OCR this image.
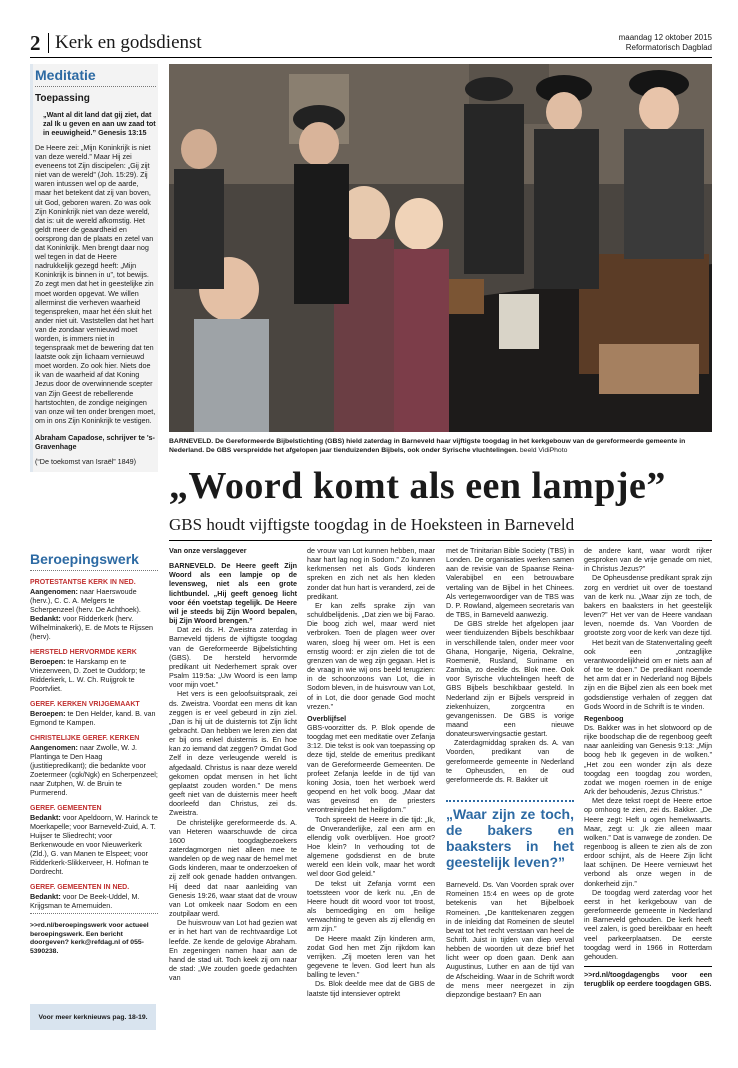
2 Kerk en godsdienst	maandag 12 oktober 2015
Reformatorisch Dagblad
Meditatie
Toepassing
„Want al dit land dat gij ziet, dat zal Ik u geven en aan uw zaad tot in eeuwigheid.” Genesis 13:15

De Heere zei: „Mijn Koninkrijk is niet van deze wereld.” Maar Hij zei eveneens tot Zijn discipelen: „Gij zijt niet van de wereld” (Joh. 15:29). Zij waren intussen wel op de aarde, maar het betekent dat zij van boven, uit God, geboren waren. Zo was ook Zijn Koninkrijk niet van deze wereld, dat is: uit de wereld afkomstig. Het geldt meer de geaardheid en oorsprong dan de plaats en zetel van dat Koninkrijk. Men brengt daar nog wel tegen in dat de Heere nadrukkelijk gezegd heeft: „Mijn Koninkrijk is binnen in u”, tot bewijs. Zo zegt men dat het in geestelijke zin moet worden opgevat. We willen allerminst die verheven waarheid tegenspreken, maar het één sluit het ander niet uit. Vaststellen dat het hart van de zondaar vernieuwd moet worden, is immers niet in tegenspraak met de bewering dat ten laatste ook zijn lichaam vernieuwd moet worden. Zo ook hier. Niets doe ik van de waarheid af dat Koning Jezus door de overwinnende scepter van Zijn Geest de rebellerende hartstochten, de zondige neigingen van onze wil ten onder brengen moet, om in ons Zijn Koninkrijk te vestigen.

Abraham Capadose, schrijver te 's-Gravenhage
(“De toekomst van Israël” 1849)
Beroepingswerk
PROTESTANTSE KERK IN NED.
Aangenomen: naar Haerswoude (herv.), C. C. A. Melgers te Scherpenzeel (herv. De Achthoek).
Bedankt: voor Ridderkerk (herv. Wilhelminakerk), E. de Mots te Rijssen (herv).
HERSTELD HERVORMDE KERK
Beroepen: te Harskamp en te Vriezenveen, D. Zoet te Ouddorp; te Ridderkerk, L. W. Ch. Ruijgrok te Poortvliet.
GEREF. KERKEN VRIJGEMAAKT
Beroepen: te Den Helder, kand. B. van Egmond te Kampen.
CHRISTELIJKE GEREF. KERKEN
Aangenomen: naar Zwolle, W. J. Plantinga te Den Haag (justitiepredikant); die bedankte voor Zoetermeer (cgk/Ngk) en Scherpenzeel; naar Zutphen, W. de Bruin te Purmerend.
GEREF. GEMEENTEN
Bedankt: voor Apeldoorn, W. Harinck te Moerkapelle; voor Barneveld-Zuid, A. T. Huijser te Sliedrecht; voor Berkenwoude en voor Nieuwerkerk (Zld.), G. van Manen te Elspeet; voor Ridderkerk-Slikkerveer, H. Hofman te Dordrecht.
GEREF. GEMEENTEN IN NED.
Bedankt: voor De Beek-Uddel, M. Krijgsman te Arnemuiden.
>>rd.nl/beroepingswerk voor actueel beroepingswerk. Een bericht doorgeven? kerk@refdag.nl of 055-5390238.
Voor meer kerknieuws pag. 18-19.
BARNEVELD. De Gereformeerde Bijbelstichting (GBS) hield zaterdag in Barneveld haar vijftigste toogdag in het kerkgebouw van de gereformeerde gemeente in Nederland. De GBS verspreidde het afgelopen jaar tienduizenden Bijbels, ook onder Syrische vluchtelingen. beeld VidiPhoto
„Woord komt als een lampje”
GBS houdt vijftigste toogdag in de Hoeksteen in Barneveld

Van onze verslaggever

BARNEVELD. De Heere geeft Zijn Woord als een lampje op de levensweg, niet als een grote lichtbundel. „Hij geeft genoeg licht voor één voetstap tegelijk. De Heere wil je steeds bij Zijn Woord bepalen, bij Zijn Woord brengen.”

Dat zei ds. H. Zweistra zaterdag in Barneveld tijdens de vijftigste toogdag van de Gereformeerde Bijbelstichting (GBS). De hersteld hervormde predikant uit Nederhemert sprak over Psalm 119:5a: „Uw Woord is een lamp voor mijn voet.”

Het vers is een geloofsuitspraak, zei ds. Zweistra. Voordat een mens dit kan zeggen is er veel gebeurd in zijn ziel. „Dan is hij uit de duisternis tot Zijn licht gebracht. Dan hebben we leren zien dat er bij ons enkel duisternis is. En hoe kan zo iemand dat zeggen? Omdat God Zelf in deze verleugende wereld is afgedaald. Christus is naar deze wereld gekomen opdat mensen in het licht geplaatst zouden worden.” De mens geeft niet van de duisternis meer heeft doorleefd dan Christus, zei ds. Zweistra.

De christelijke gereformeerde ds. A. van Heteren waarschuwde de circa 1600 toogdagbezoekers zaterdagmorgen niet alleen mee te wandelen op de weg naar de hemel met Gods kinderen, maar te onderzoeken of zij zelf ook genade hadden ontvangen. Hij deed dat naar aanleiding van Genesis 19:26, waar staat dat de vrouw van Lot omkeek naar Sodom en een zoutpilaar werd.

De huisvrouw van Lot had gezien wat er in het hart van de rechtvaardige Lot leefde. Ze kende de gelovige Abraham. En zegeningen namen haar aan de hand de stad uit. Toch keek zij om naar de stad: „We zouden goede gedachten van

de vrouw van Lot kunnen hebben, maar haar hart lag nog in Sodom.” Zo kunnen kerkmensen net als Gods kinderen spreken en zich net als hen kleden zonder dat hun hart is veranderd, zei de predikant.

Er kan zelfs sprake zijn van schuldbelijdenis. „Dat zien we bij Farao. Die boog zich wel, maar werd niet verbroken. Toen de plagen weer over waren, sloeg hij weer om. Het is een ernstig woord: er zijn zielen die tot de grenzen van de weg zijn gegaan. Het is de vraag in wie wij ons beeld terugzien: in de schoonzoons van Lot, die in Sodom bleven, in de huisvrouw van Lot, of in Lot, die door genade God mocht vrezen.”

Overblijfsel

GBS-voorzitter ds. P. Blok opende de toogdag met een meditatie over Zefanja 3:12. Die tekst is ook van toepassing op deze tijd, stelde de emeritus predikant van de Gereformeerde Gemeenten. De profeet Zefanja leefde in de tijd van koning Josia, toen het werboek werd geopend en het volk boog. „Maar dat was geveinsd en de priesters verontreinigden het heiligdom.”

Toch spreekt de Heere in die tijd: „Ik, de Onveranderlijke, zal een arm en ellendig volk overblijven. Hoe groot? Hoe klein? In verhouding tot de algemene godsdienst en de brute wereld een klein volk, maar het wordt wel door God geleid.”

De tekst uit Zefanja vormt een toetssteen voor de kerk nu. „En de Heere houdt dit woord voor tot troost, als bemoediging en om heilige verwachting te geven als zij ellendig en arm zijn.”

De Heere maakt Zijn kinderen arm, zodat God hen met Zijn rijkdom kan verrijken. „Zij moeten leren van het gegevene te leven. God leert hun als balling te leven.”

Ds. Blok deelde mee dat de GBS de laatste tijd intensiever optrekt

met de Trinitarian Bible Society (TBS) in Londen. De organisaties werken samen aan de revisie van de Spaanse Reina-Valerabijbel en een betrouwbare vertaling van de Bijbel in het Chinees. Als vertegenwoordiger van de TBS was D. P. Rowland, algemeen secretaris van de TBS, in Barneveld aanwezig.

De GBS strelde het afgelopen jaar weer tienduizenden Bijbels beschikbaar in verschillende talen, onder meer voor Ghana, Hongarije, Nigeria, Oekraïne, Roemenië, Rusland, Suriname en Zambia, zo deelde ds. Blok mee. Ook voor Syrische vluchtelingen heeft de GBS Bijbels beschikbaar gesteld. In Nederland zijn er Bijbels verspreid in ziekenhuizen, zorgcentra en gevangenissen. De GBS is vorige maand een nieuwe donateurswervingsactie gestart.

Zaterdagmiddag spraken ds. A. van Voorden, predikant van de gereformeerde gemeente in Nederland te Opheusden, en de oud gereformeerde ds. R. Bakker uit

„Waar zijn ze toch, de bakers en baaksters in het geestelijk leven?”

Barneveld. Ds. Van Voorden sprak over Romeinen 15:4 en wees op de grote betekenis van het Bijbelboek Romeinen. „De kanttekenaren zeggen in de inleiding dat Romeinen de sleutel bevat tot het recht verstaan van heel de Schrift. Juist in tijden van diep verval hebben de woorden uit deze brief het licht weer op doen gaan. Denk aan Augustinus, Luther en aan de tijd van de Afscheiding. Waar in de Schrift wordt de mens meer neergezet in zijn diepzondige bestaan? En aan

de andere kant, waar wordt rijker gesproken van de vrije genade om niet, in Christus Jezus?”

De Opheusdense predikant sprak zijn zorg en verdriet uit over de toestand van de kerk nu. „Waar zijn ze toch, de bakers en baaksters in het geestelijk leven?” Het ver van de Heere vandaan leven, noemde ds. Van Voorden de grootste zorg voor de kerk van deze tijd.

Het bezit van de Statenvertaling geeft ook een „ontzaglijke verantwoordelijkheid om er niets aan af of toe te doen.” De predikant noemde het arm dat er in Nederland nog Bijbels zijn en die Bijbel zien als een boek met godsdienstige verhalen of zeggen dat Gods Woord in de Schrift is te vinden.

Regenboog

Ds. Bakker was in het slotwoord op de rijke boodschap die de regenboog geeft naar aanleiding van Genesis 9:13: „Mijn boog heb Ik gegeven in de wolken.” „Het zou een wonder zijn als deze toogdag een toogdag zou worden, zodat we mogen roemen in de enige Ark der behoudenis, Jezus Christus.”

Met deze tekst roept de Heere ertoe op omhoog te zien, zei ds. Bakker. „De Heere zegt: Heft u ogen hemelwaarts. Maar, zegt u: „Ik zie alleen maar wolken.” Dat is vanwege de zonden. De regenboog is alleen te zien als de zon erdoor schijnt, als de Heere Zijn licht laat schijnen. De Heere vernieuwt het verbond als onze wegen in de donkerheid zijn.”

De toogdag werd zaterdag voor het eerst in het kerkgebouw van de gereformeerde gemeente in Nederland in Barneveld gehouden. De kerk heeft veel zalen, is goed bereikbaar en heeft veel parkeerplaatsen. De eerste toogdag werd in 1966 in Rotterdam gehouden.

>>rd.nl/toogdagengbs voor een terugblik op eerdere toogdagen GBS.
